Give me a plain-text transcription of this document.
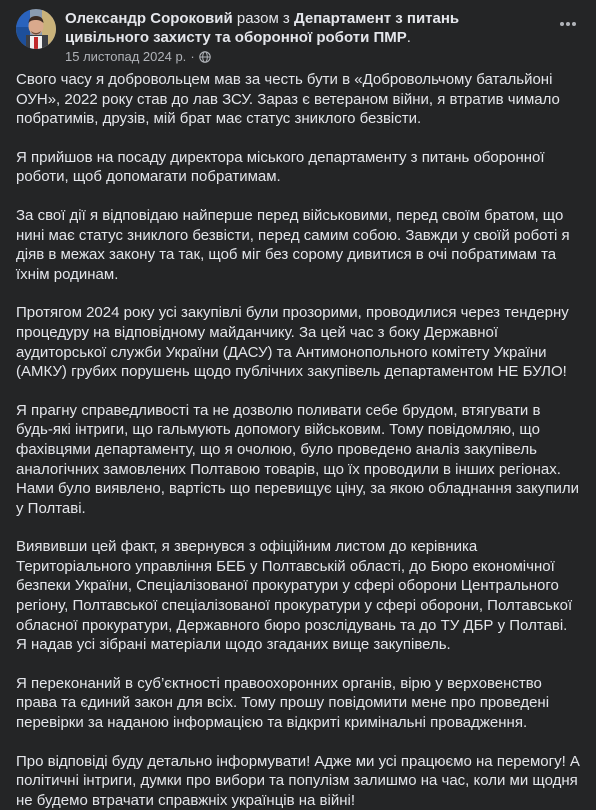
Олександр Сороковий разом з Департамент з питань цивільного захисту та оборонної роботи ПМР.
15 листопад 2024 р. ·

Свого часу я добровольцем мав за честь бути в «Добровольчому батальйоні ОУН», 2022 року став до лав ЗСУ. Зараз є ветераном війни, я втратив чимало побратимів, друзів, мій брат має статус зниклого безвісти.

Я прийшов на посаду директора міського департаменту з питань оборонної роботи, щоб допомагати побратимам.

За свої дії я відповідаю найперше перед військовими, перед своїм братом, що нині має статус зниклого безвісти, перед самим собою. Завжди у своїй роботі я діяв в межах закону та так, щоб міг без сорому дивитися в очі побратимам та їхнім родинам.

Протягом 2024 року усі закупівлі були прозорими, проводилися через тендерну процедуру на відповідному майданчику. За цей час з боку Державної аудиторської служби України (ДАСУ) та Антимонопольного комітету України (АМКУ) грубих порушень щодо публічних закупівель департаментом НЕ БУЛО!

Я прагну справедливості та не дозволю поливати себе брудом, втягувати в будь-які інтриги, що гальмують допомогу військовим. Тому повідомляю, що фахівцями департаменту, що я очолюю, було проведено аналіз закупівель аналогічних замовлених Полтавою товарів, що їх проводили в інших регіонах. Нами було виявлено, вартість що перевищує ціну, за якою обладнання закупили у Полтаві.

Виявивши цей факт, я звернувся з офіційним листом до керівника Територіального управління БЕБ у Полтавській області, до Бюро економічної безпеки України, Спеціалізованої прокуратури у сфері оборони Центрального регіону, Полтавської спеціалізованої прокуратури у сфері оборони, Полтавської обласної прокуратури, Державного бюро розслідувань та до ТУ ДБР у Полтаві. Я надав усі зібрані матеріали щодо згаданих вище закупівель.

Я переконаний в суб’єктності правоохоронних органів, вірю у верховенство права та єдиний закон для всіх. Тому прошу повідомити мене про проведені перевірки за наданою інформацією та відкриті кримінальні провадження.

Про відповіді буду детально інформувати! Адже ми усі працюємо на перемогу! А політичні інтриги, думки про вибори та популізм залишмо на час, коли ми щодня не будемо втрачати справжніх українців на війні!
